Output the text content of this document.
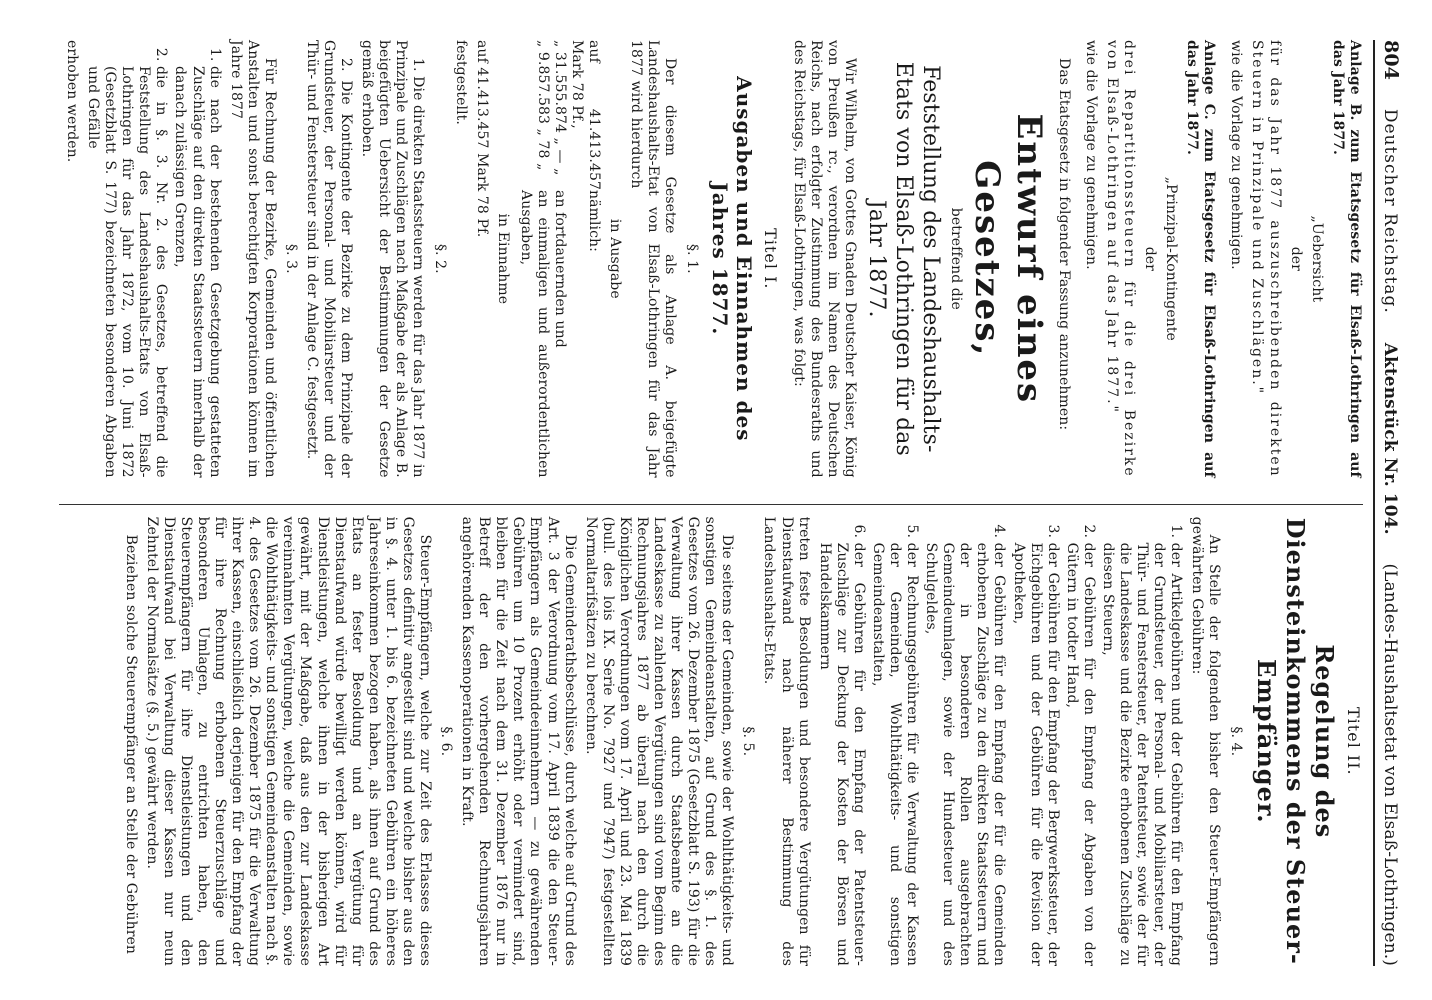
804
Deutscher Reichstag.
Aktenstück Nr. 104.
(Landes-Haushaltsetat von Elsaß-Lothringen.)

Anlage B. zum Etatsgesetz für Elsaß-Lothringen auf das Jahr 1877.

„Uebersicht

der

für das Jahr 1877 auszuschreibenden direkten Steuern in Prinzipale und Zuschlägen."

wie die Vorlage zu genehmigen.

Anlage C. zum Etatsgesetz für Elsaß-Lothringen auf das Jahr 1877.

„Prinzipal-Kontingente

der

drei Repartitionssteuern für die drei Bezirke von Elsaß-Lothringen auf das Jahr 1877."

wie die Vorlage zu genehmigen.

Das Etatsgesetz in folgender Fassung anzunehmen:

Entwurf eines Gesetzes,

betreffend die

Feststellung des Landeshaushalts-Etats von Elsaß-Lothringen für das Jahr 1877.

Wir Wilhelm, von Gottes Gnaden Deutscher Kaiser, König von Preußen rc., verordnen im Namen des Deutschen Reichs, nach erfolgter Zustimmung des Bundesraths und des Reichstags, für Elsaß-Lothringen, was folgt:

Titel I.
Ausgaben und Einnahmen des Jahres 1877.

§. 1.

Der diesem Gesetze als Anlage A. beigefügte Landeshaushalts-Etat von Elsaß-Lothringen für das Jahr 1877 wird hierdurch

in Ausgabe

auf 41.413.457 Mark 78 Pf.,
nämlich:
„ 31.555.874 „ — „
an fortdauernden und
„ 9.857.583 „ 78 „
an einmaligen und außerordentlichen Ausgaben,

in Einnahme

auf 41.413.457 Mark 78 Pf.

festgestellt.

§. 2.

1. Die direkten Staatssteuern werden für das Jahr 1877 in Prinzipale und Zuschlägen nach Maßgabe der als Anlage B. beigefügten Uebersicht der Bestimmungen der Gesetze gemäß erhoben.

2. Die Kontingente der Bezirke zu dem Prinzipale der Grundsteuer, der Personal- und Mobiliarsteuer und der Thür- und Fenstersteuer sind in der Anlage C. festgesetzt.

§. 3.

Für Rechnung der Bezirke, Gemeinden und öffentlichen Anstalten und sonst berechtigten Korporationen können im Jahre 1877

1. die nach der bestehenden Gesetzgebung gestatteten Zuschläge auf den direkten Staatssteuern innerhalb der danach zulässigen Grenzen,
2. die in §. 3. Nr. 2. des Gesetzes, betreffend die Feststellung des Landeshaushalts-Etats von Elsaß-Lothringen für das Jahr 1872, vom 10. Juni 1872 (Gesetzblatt S. 177) bezeichneten besonderen Abgaben und Gefälle

erhoben werden.

Titel II.
Regelung des Diensteinkommens der Steuer-Empfänger.

§. 4.

An Stelle der folgenden bisher den Steuer-Empfängern gewährten Gebühren:

1. der Artikelgebühren und der Gebühren für den Empfang der Grundsteuer, der Personal- und Mobiliarsteuer, der Thür- und Fenstersteuer, der Patentsteuer, sowie der für die Landeskasse und die Bezirke erhobenen Zuschläge zu diesen Steuern,
2. der Gebühren für den Empfang der Abgaben von der Gütern in todter Hand,
3. der Gebühren für den Empfang der Bergwerkssteuer, der Eichgebühren und der Gebühren für die Revision der Apotheken,
4. der Gebühren für den Empfang der für die Gemeinden erhobenen Zuschläge zu den direkten Staatssteuern und der in besonderen Rollen ausgebrachten Gemeindeumlagen, sowie der Hundesteuer und des Schulgeldes,
5. der Rechnungsgebühren für die Verwaltung der Kassen der Gemeinden, Wohlthätigkeits- und sonstigen Gemeindeanstalten,
6. der Gebühren für den Empfang der Patentsteuer-Zuschläge zur Deckung der Kosten der Börsen und Handelskammern

treten feste Besoldungen und besondere Vergütungen für Dienstaufwand nach näherer Bestimmung des Landeshaushalts-Etats.

§. 5.

Die seitens der Gemeinden, sowie der Wohlthätigkeits- und sonstigen Gemeindeanstalten, auf Grund des §. 1. des Gesetzes vom 26. Dezember 1875 (Gesetzblatt S. 193) für die Verwaltung ihrer Kassen durch Staatsbeamte an die Landeskasse zu zahlenden Vergütungen sind vom Beginn des Rechnungsjahres 1877 ab überall nach den durch die Königlichen Verordnungen vom 17. April und 23. Mai 1839 (bull. des lois IX. Serie No. 7927 und 7947) festgestellten Normaltarifsätzen zu berechnen.

Die Gemeinderathsbeschlüsse, durch welche auf Grund des Art. 3 der Verordnung vom 17. April 1839 die den Steuer-Empfängern als Gemeindeeinnehmern — zu gewährenden Gebühren um 10 Prozent erhöht oder vermindert sind, bleiben für die Zeit nach dem 31. Dezember 1876 nur in Betreff der den vorhergehenden Rechnungsjahren angehörenden Kassenoperationen in Kraft.

§. 6.

Steuer-Empfängern, welche zur Zeit des Erlasses dieses Gesetzes definitiv angestellt sind und welche bisher aus den in §. 4. unter 1. bis 6. bezeichneten Gebühren ein höheres Jahreseinkommen bezogen haben, als ihnen auf Grund des Etats an fester Besoldung und an Vergütung für Dienstaufwand würde bewilligt werden können, wird für Dienstleistungen, welche ihnen in der bisherigen Art gewährt, mit der Maßgabe, daß aus den zur Landeskasse vereinnahmten Vergütungen, welche die Gemeinden, sowie die Wohlthätigkeits- und sonstigen Gemeindeanstalten nach §. 4. des Gesetzes vom 26. Dezember 1875 für die Verwaltung ihrer Kassen, einschließlich derjenigen für den Empfang der für ihre Rechnung erhobenen Steuerzuschläge und besonderen Umlagen, zu entrichten haben, den Steuerempfängern für ihre Dienstleistungen und den Dienstaufwand bei Verwaltung dieser Kassen nur neun Zehntel der Normalsätze (§. 5.) gewährt werden.

Beziehen solche Steuerempfänger an Stelle der Gebühren
